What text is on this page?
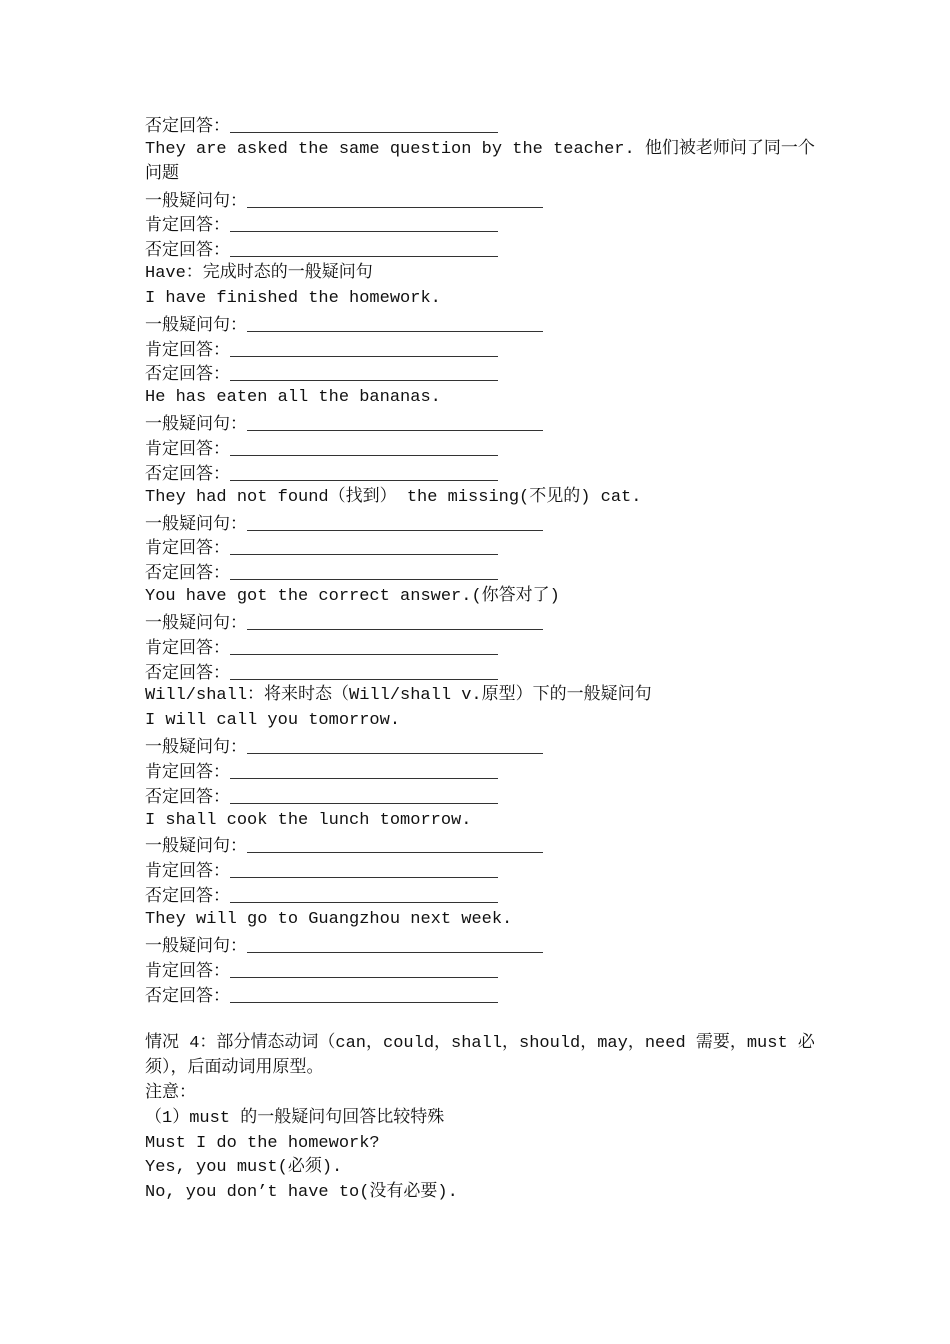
否定回答：
They are asked the same question by the teacher. 他们被老师问了同一个问题
一般疑问句：
肯定回答：
否定回答：
Have：完成时态的一般疑问句
I have finished the homework.
一般疑问句：
肯定回答：
否定回答：
He has eaten all the bananas.
一般疑问句：
肯定回答：
否定回答：
They had not found（找到） the missing(不见的) cat.
一般疑问句：
肯定回答：
否定回答：
You have got the correct answer.(你答对了)
一般疑问句：
肯定回答：
否定回答：
Will/shall：将来时态（Will/shall v.原型）下的一般疑问句
I will call you tomorrow.
一般疑问句：
肯定回答：
否定回答：
I shall cook the lunch tomorrow.
一般疑问句：
肯定回答：
否定回答：
They will go to Guangzhou next week.
一般疑问句：
肯定回答：
否定回答：
情况 4：部分情态动词（can，could，shall，should，may，need 需要，must 必须），后面动词用原型。
注意：
（1）must 的一般疑问句回答比较特殊
Must I do the homework?
Yes, you must(必须).
No, you don’t have to(没有必要).
